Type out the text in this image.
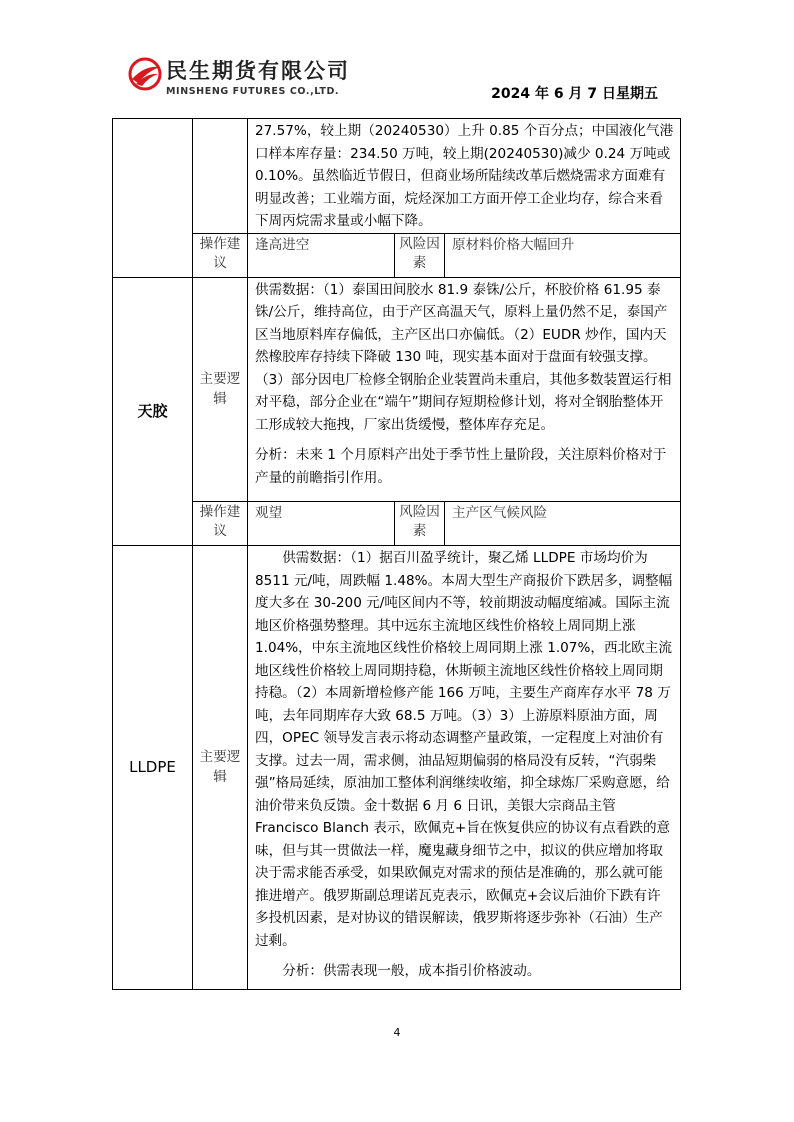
民生期货有限公司
MINSHENG FUTURES CO.,LTD.	2024 年 6 月 7 日星期五

		27.57%，较上期（20240530）上升 0.85 个百分点；中国液化气港口样本库存量：234.50 万吨，较上期(20240530)减少 0.24 万吨或 0.10%。虽然临近节假日，但商业场所陆续改革后燃烧需求方面难有明显改善；工业端方面，烷烃深加工方面开停工企业均存，综合来看下周丙烷需求量或小幅下降。		

	操作建议	逢高进空	风险因素	原材料价格大幅回升
天胶	主要逻辑	供需数据：（1）泰国田间胶水 81.9 泰铢/公斤，杯胶价格 61.95 泰铢/公斤，维持高位，由于产区高温天气，原料上量仍然不足，泰国产区当地原料库存偏低，主产区出口亦偏低。（2）EUDR 炒作，国内天然橡胶库存持续下降破 130 吨，现实基本面对于盘面有较强支撑。（3）部分因电厂检修全钢胎企业装置尚未重启，其他多数装置运行相对平稳，部分企业在“端午”期间存短期检修计划，将对全钢胎整体开工形成较大拖拽，厂家出货缓慢，整体库存充足。

分析：未来 1 个月原料产出处于季节性上量阶段，关注原料价格对于产量的前瞻指引作用。		

	操作建议	观望	风险因素	主产区气候风险
LLDPE	主要逻辑	供需数据：（1）据百川盈孚统计，聚乙烯 LLDPE 市场均价为 8511 元/吨，周跌幅 1.48%。本周大型生产商报价下跌居多，调整幅度大多在 30-200 元/吨区间内不等，较前期波动幅度缩减。国际主流地区价格强势整理。其中远东主流地区线性价格较上周同期上涨 1.04%，中东主流地区线性价格较上周同期上涨 1.07%，西北欧主流地区线性价格较上周同期持稳，休斯顿主流地区线性价格较上周同期持稳。（2）本周新增检修产能 166 万吨，主要生产商库存水平 78 万吨，去年同期库存大致 68.5 万吨。（3）3）上游原料原油方面，周四，OPEC 领导发言表示将动态调整产量政策，一定程度上对油价有支撑。过去一周，需求侧，油品短期偏弱的格局没有反转，“汽弱柴强”格局延续，原油加工整体利润继续收缩，抑全球炼厂采购意愿，给油价带来负反馈。金十数据 6 月 6 日讯，美银大宗商品主管 Francisco Blanch 表示，欧佩克+旨在恢复供应的协议有点看跌的意味，但与其一贯做法一样，魔鬼藏身细节之中，拟议的供应增加将取决于需求能否承受，如果欧佩克对需求的预估是准确的，那么就可能推进增产。俄罗斯副总理诺瓦克表示，欧佩克+会议后油价下跌有许多投机因素，是对协议的错误解读，俄罗斯将逐步弥补（石油）生产过剩。

分析：供需表现一般，成本指引价格波动。		

4
